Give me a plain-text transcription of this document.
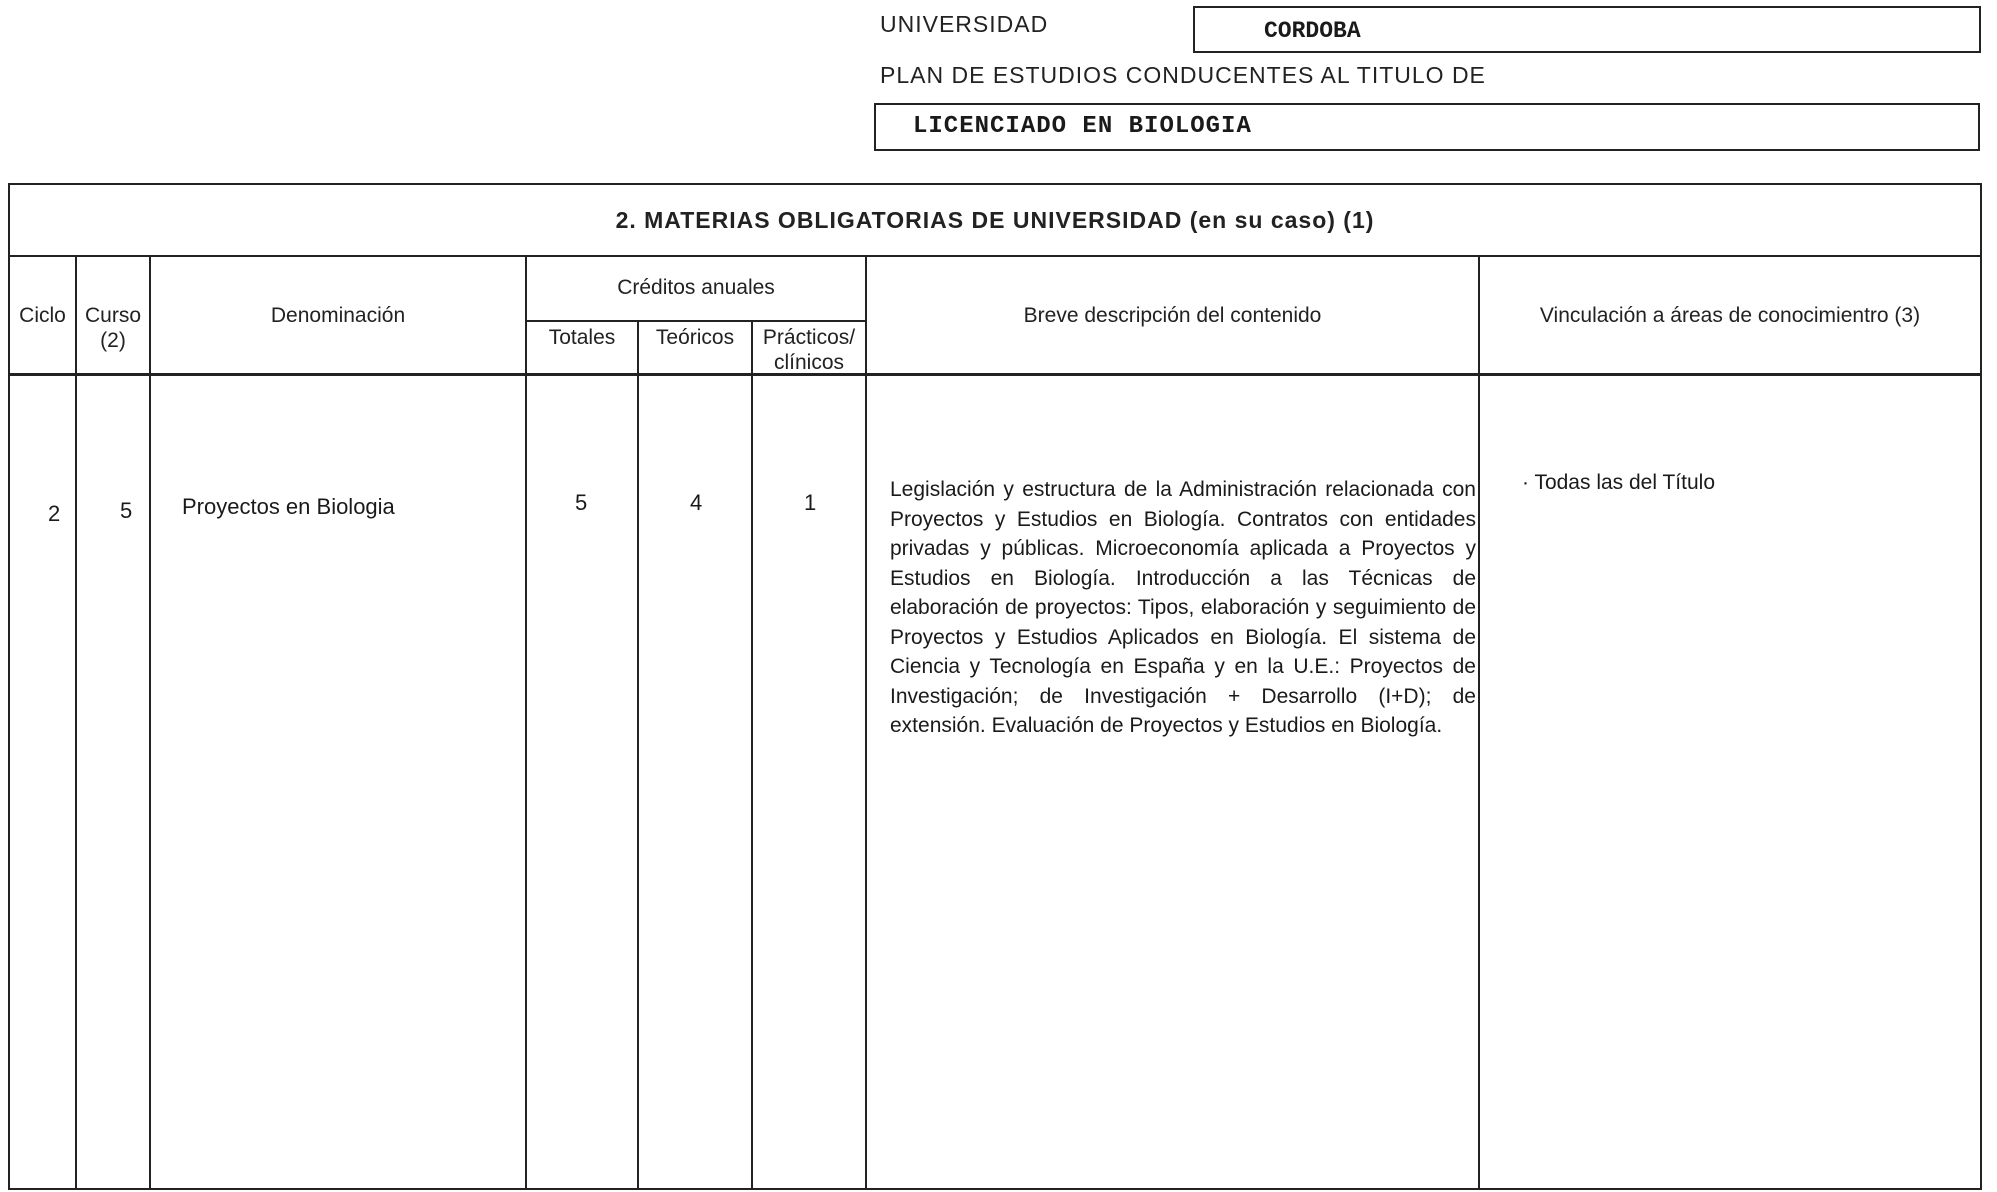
UNIVERSIDAD	CORDOBA
PLAN DE ESTUDIOS CONDUCENTES AL TITULO DE
LICENCIADO EN BIOLOGIA
2. MATERIAS OBLIGATORIAS DE UNIVERSIDAD (en su caso) (1)
Ciclo Curso
(2)
Denominación
Créditos anuales
Totales	Teóricos	Prácticos/
clínicos
Breve descripción del contenido	Vinculación a áreas de conocimientro (3)
2	5 Proyectos en Biologia	5	4	1
Legislación y estructura de la Administración relacionada con Proyectos y Estudios en Biología. Contratos con entidades privadas y públicas. Microeconomía aplicada a Proyectos y Estudios en Biología. Introducción a las Técnicas de elaboración de proyectos: Tipos, elaboración y seguimiento de Proyectos y Estudios Aplicados en Biología. El sistema de Ciencia y Tecnología en España y en la U.E.: Proyectos de Investigación; de Investigación + Desarrollo (I+D); de extensión. Evaluación de Proyectos y Estudios en Biología.
· Todas las del Título
